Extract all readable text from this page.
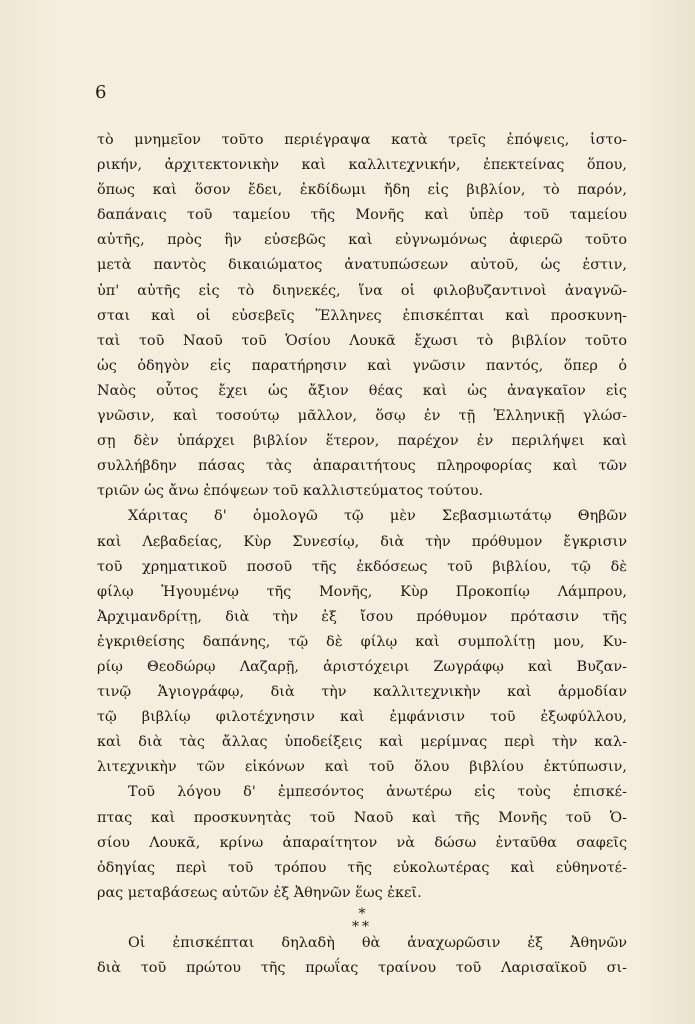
6
τὸ μνημεῖον τοῦτο περιέγραψα κατὰ τρεῖς ἐπόψεις, ἱστο-
ρικήν, ἀρχιτεκτονικὴν καὶ καλλιτεχνικήν, ἐπεκτείνας ὅπου,
ὅπως καὶ ὅσον ἔδει, ἐκδίδωμι ἤδη εἰς βιβλίον, τὸ παρόν,
δαπάναις τοῦ ταμείου τῆς Μονῆς καὶ ὑπὲρ τοῦ ταμείου
αὐτῆς, πρὸς ἣν εὐσεβῶς καὶ εὐγνωμόνως ἀφιερῶ τοῦτο
μετὰ παντὸς δικαιώματος ἀνατυπώσεων αὐτοῦ, ὡς ἐστιν,
ὑπ' αὐτῆς εἰς τὸ διηνεκές, ἵνα οἱ φιλοβυζαντινοὶ ἀναγνῶ-
σται καὶ οἱ εὐσεβεῖς Ἕλληνες ἐπισκέπται καὶ προσκυνη-
ταὶ τοῦ Ναοῦ τοῦ Ὁσίου Λουκᾶ ἔχωσι τὸ βιβλίον τοῦτο
ὡς ὁδηγὸν εἰς παρατήρησιν καὶ γνῶσιν παντός, ὅπερ ὁ
Ναὸς οὗτος ἔχει ὡς ἄξιον θέας καὶ ὡς ἀναγκαῖον εἰς
γνῶσιν, καὶ τοσούτῳ μᾶλλον, ὅσῳ ἐν τῇ Ἑλληνικῇ γλώσ-
σῃ δὲν ὑπάρχει βιβλίον ἕτερον, παρέχον ἐν περιλήψει καὶ
συλλήβδην πάσας τὰς ἀπαραιτήτους πληροφορίας καὶ τῶν
τριῶν ὡς ἄνω ἐπόψεων τοῦ καλλιστεύματος τούτου.
Χάριτας δ' ὁμολογῶ τῷ μὲν Σεβασμιωτάτῳ Θηβῶν
καὶ Λεβαδείας, Κὺρ Συνεσίῳ, διὰ τὴν πρόθυμον ἔγκρισιν
τοῦ χρηματικοῦ ποσοῦ τῆς ἐκδόσεως τοῦ βιβλίου, τῷ δὲ
φίλῳ Ἡγουμένῳ τῆς Μονῆς, Κὺρ Προκοπίῳ Λάμπρου,
Ἀρχιμανδρίτῃ, διὰ τὴν ἐξ ἴσου πρόθυμον πρότασιν τῆς
ἐγκριθείσης δαπάνης, τῷ δὲ φίλῳ καὶ συμπολίτῃ μου, Κυ-
ρίῳ Θεοδώρῳ Λαζαρῇ, ἀριστόχειρι Ζωγράφῳ καὶ Βυζαν-
τινῷ Ἁγιογράφῳ, διὰ τὴν καλλιτεχνικὴν καὶ ἁρμοδίαν
τῷ βιβλίῳ φιλοτέχνησιν καὶ ἐμφάνισιν τοῦ ἐξωφύλλου,
καὶ διὰ τὰς ἄλλας ὑποδείξεις καὶ μερίμνας περὶ τὴν καλ-
λιτεχνικὴν τῶν εἰκόνων καὶ τοῦ ὅλου βιβλίου ἐκτύπωσιν,
Τοῦ λόγου δ' ἐμπεσόντος ἀνωτέρω εἰς τοὺς ἐπισκέ-
πτας καὶ προσκυνητὰς τοῦ Ναοῦ καὶ τῆς Μονῆς τοῦ Ὁ-
σίου Λουκᾶ, κρίνω ἀπαραίτητον νὰ δώσω ἐνταῦθα σαφεῖς
ὁδηγίας περὶ τοῦ τρόπου τῆς εὐκολωτέρας καὶ εὐθηνοτέ-
ρας μεταβάσεως αὐτῶν ἐξ Ἀθηνῶν ἕως ἐκεῖ.
*
**
Οἱ ἐπισκέπται δηλαδὴ θὰ ἀναχωρῶσιν ἐξ Ἀθηνῶν
διὰ τοῦ πρώτου τῆς πρωΐας τραίνου τοῦ Λαρισαϊκοῦ σι-
